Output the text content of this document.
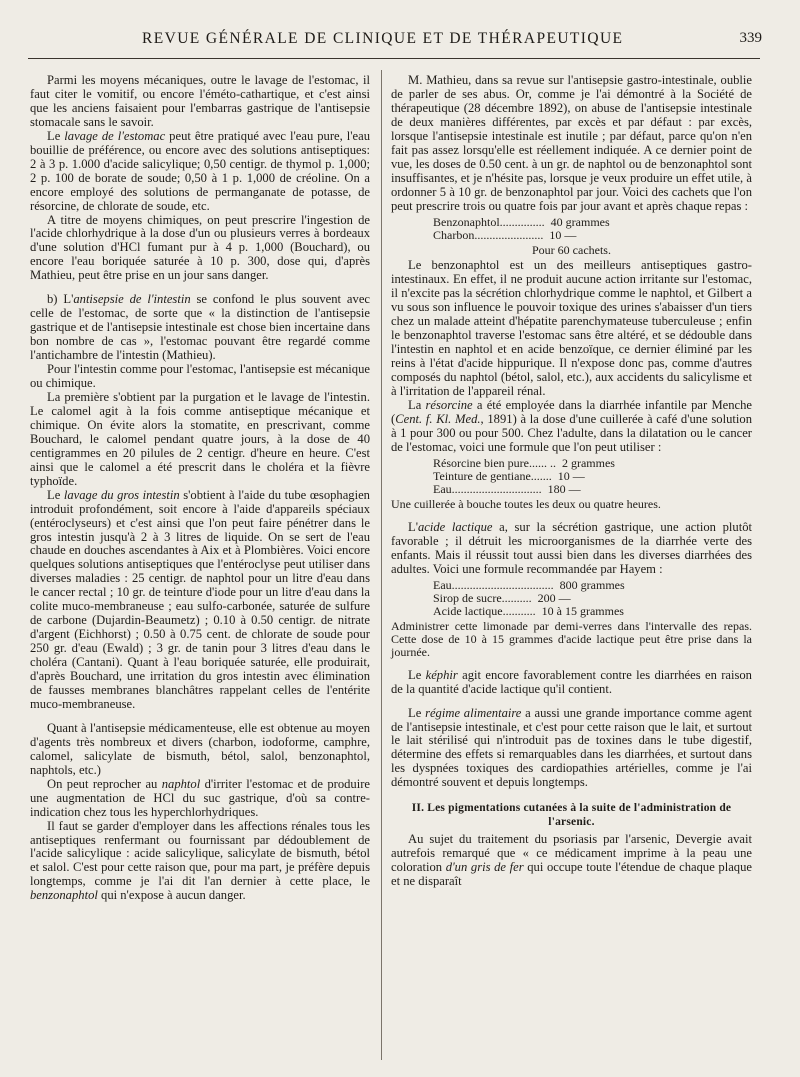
REVUE GÉNÉRALE DE CLINIQUE ET DE THÉRAPEUTIQUE	339

Parmi les moyens mécaniques, outre le lavage de l'estomac, il faut citer le vomitif, ou encore l'éméto-cathartique, et c'est ainsi que les anciens faisaient pour l'embarras gastrique de l'antisepsie stomacale sans le savoir.

Le lavage de l'estomac peut être pratiqué avec l'eau pure, l'eau bouillie de préférence, ou encore avec des solutions antiseptiques: 2 à 3 p. 1.000 d'acide salicylique; 0,50 centigr. de thymol p. 1,000; 2 p. 100 de borate de soude; 0,50 à 1 p. 1,000 de créoline. On a encore employé des solutions de permanganate de potasse, de résorcine, de chlorate de soude, etc.

A titre de moyens chimiques, on peut prescrire l'ingestion de l'acide chlorhydrique à la dose d'un ou plusieurs verres à bordeaux d'une solution d'HCl fumant pur à 4 p. 1,000 (Bouchard), ou encore l'eau boriquée saturée à 10 p. 300, dose qui, d'après Mathieu, peut être prise en un jour sans danger.

b) L'antisepsie de l'intestin se confond le plus souvent avec celle de l'estomac, de sorte que « la distinction de l'antisepsie gastrique et de l'antisepsie intestinale est chose bien incertaine dans bon nombre de cas », l'estomac pouvant être regardé comme l'antichambre de l'intestin (Mathieu).

Pour l'intestin comme pour l'estomac, l'antisepsie est mécanique ou chimique.

La première s'obtient par la purgation et le lavage de l'intestin. Le calomel agit à la fois comme antiseptique mécanique et chimique. On évite alors la stomatite, en prescrivant, comme Bouchard, le calomel pendant quatre jours, à la dose de 40 centigrammes en 20 pilules de 2 centigr. d'heure en heure. C'est ainsi que le calomel a été prescrit dans le choléra et la fièvre typhoïde.

Le lavage du gros intestin s'obtient à l'aide du tube œsophagien introduit profondément, soit encore à l'aide d'appareils spéciaux (entéroclyseurs) et c'est ainsi que l'on peut faire pénétrer dans le gros intestin jusqu'à 2 à 3 litres de liquide. On se sert de l'eau chaude en douches ascendantes à Aix et à Plombières. Voici encore quelques solutions antiseptiques que l'entéroclyse peut utiliser dans diverses maladies : 25 centigr. de naphtol pour un litre d'eau dans le cancer rectal ; 10 gr. de teinture d'iode pour un litre d'eau dans la colite muco-membraneuse ; eau sulfo-carbonée, saturée de sulfure de carbone (Dujardin-Beaumetz) ; 0.10 à 0.50 centigr. de nitrate d'argent (Eichhorst) ; 0.50 à 0.75 cent. de chlorate de soude pour 250 gr. d'eau (Ewald) ; 3 gr. de tanin pour 3 litres d'eau dans le choléra (Cantani). Quant à l'eau boriquée saturée, elle produirait, d'après Bouchard, une irritation du gros intestin avec élimination de fausses membranes blanchâtres rappelant celles de l'entérite muco-membraneuse.

Quant à l'antisepsie médicamenteuse, elle est obtenue au moyen d'agents très nombreux et divers (charbon, iodoforme, camphre, calomel, salicylate de bismuth, bétol, salol, benzonaphtol, naphtols, etc.)

On peut reprocher au naphtol d'irriter l'estomac et de produire une augmentation de HCl du suc gastrique, d'où sa contre-indication chez tous les hyperchlorhydriques.

Il faut se garder d'employer dans les affections rénales tous les antiseptiques renfermant ou fournissant par dédoublement de l'acide salicylique : acide salicylique, salicylate de bismuth, bétol et salol. C'est pour cette raison que, pour ma part, je préfère depuis longtemps, comme je l'ai dit l'an dernier à cette place, le benzonaphtol qui n'expose à aucun danger.

M. Mathieu, dans sa revue sur l'antisepsie gastro-intestinale, oublie de parler de ses abus. Or, comme je l'ai démontré à la Société de thérapeutique (28 décembre 1892), on abuse de l'antisepsie intestinale de deux manières différentes, par excès et par défaut : par excès, lorsque l'antisepsie intestinale est inutile ; par défaut, parce qu'on n'en fait pas assez lorsqu'elle est réellement indiquée. A ce dernier point de vue, les doses de 0.50 cent. à un gr. de naphtol ou de benzonaphtol sont insuffisantes, et je n'hésite pas, lorsque je veux produire un effet utile, à ordonner 5 à 10 gr. de benzonaphtol par jour. Voici des cachets que l'on peut prescrire trois ou quatre fois par jour avant et après chaque repas :

Benzonaphtol............... 40 grammes
Charbon....................... 10 —
Pour 60 cachets.

Le benzonaphtol est un des meilleurs antiseptiques gastro-intestinaux. En effet, il ne produit aucune action irritante sur l'estomac, il n'excite pas la sécrétion chlorhydrique comme le naphtol, et Gilbert a vu sous son influence le pouvoir toxique des urines s'abaisser d'un tiers chez un malade atteint d'hépatite parenchymateuse tuberculeuse ; enfin le benzonaphtol traverse l'estomac sans être altéré, et se dédouble dans l'intestin en naphtol et en acide benzoïque, ce dernier éliminé par les reins à l'état d'acide hippurique. Il n'expose donc pas, comme d'autres composés du naphtol (bétol, salol, etc.), aux accidents du salicylisme et à l'irritation de l'appareil rénal.

La résorcine a été employée dans la diarrhée infantile par Menche (Cent. f. Kl. Med., 1891) à la dose d'une cuillerée à café d'une solution à 1 pour 300 ou pour 500. Chez l'adulte, dans la dilatation ou le cancer de l'estomac, voici une formule que l'on peut utiliser :

Résorcine bien pure...... .. 2 grammes
Teinture de gentiane....... 10 —
Eau.............................. 180 —

Une cuillerée à bouche toutes les deux ou quatre heures.

L'acide lactique a, sur la sécrétion gastrique, une action plutôt favorable ; il détruit les microorganismes de la diarrhée verte des enfants. Mais il réussit tout aussi bien dans les diverses diarrhées des adultes. Voici une formule recommandée par Hayem :

Eau.................................. 800 grammes
Sirop de sucre.......... 200 —
Acide lactique........... 10 à 15 grammes

Administrer cette limonade par demi-verres dans l'intervalle des repas. Cette dose de 10 à 15 grammes d'acide lactique peut être prise dans la journée.

Le képhir agit encore favorablement contre les diarrhées en raison de la quantité d'acide lactique qu'il contient.

Le régime alimentaire a aussi une grande importance comme agent de l'antisepsie intestinale, et c'est pour cette raison que le lait, et surtout le lait stérilisé qui n'introduit pas de toxines dans le tube digestif, détermine des effets si remarquables dans les diarrhées, et surtout dans les dyspnées toxiques des cardiopathies artérielles, comme je l'ai démontré souvent et depuis longtemps.

II. Les pigmentations cutanées à la suite de l'administration de l'arsenic.

Au sujet du traitement du psoriasis par l'arsenic, Devergie avait autrefois remarqué que « ce médicament imprime à la peau une coloration d'un gris de fer qui occupe toute l'étendue de chaque plaque et ne disparaît
